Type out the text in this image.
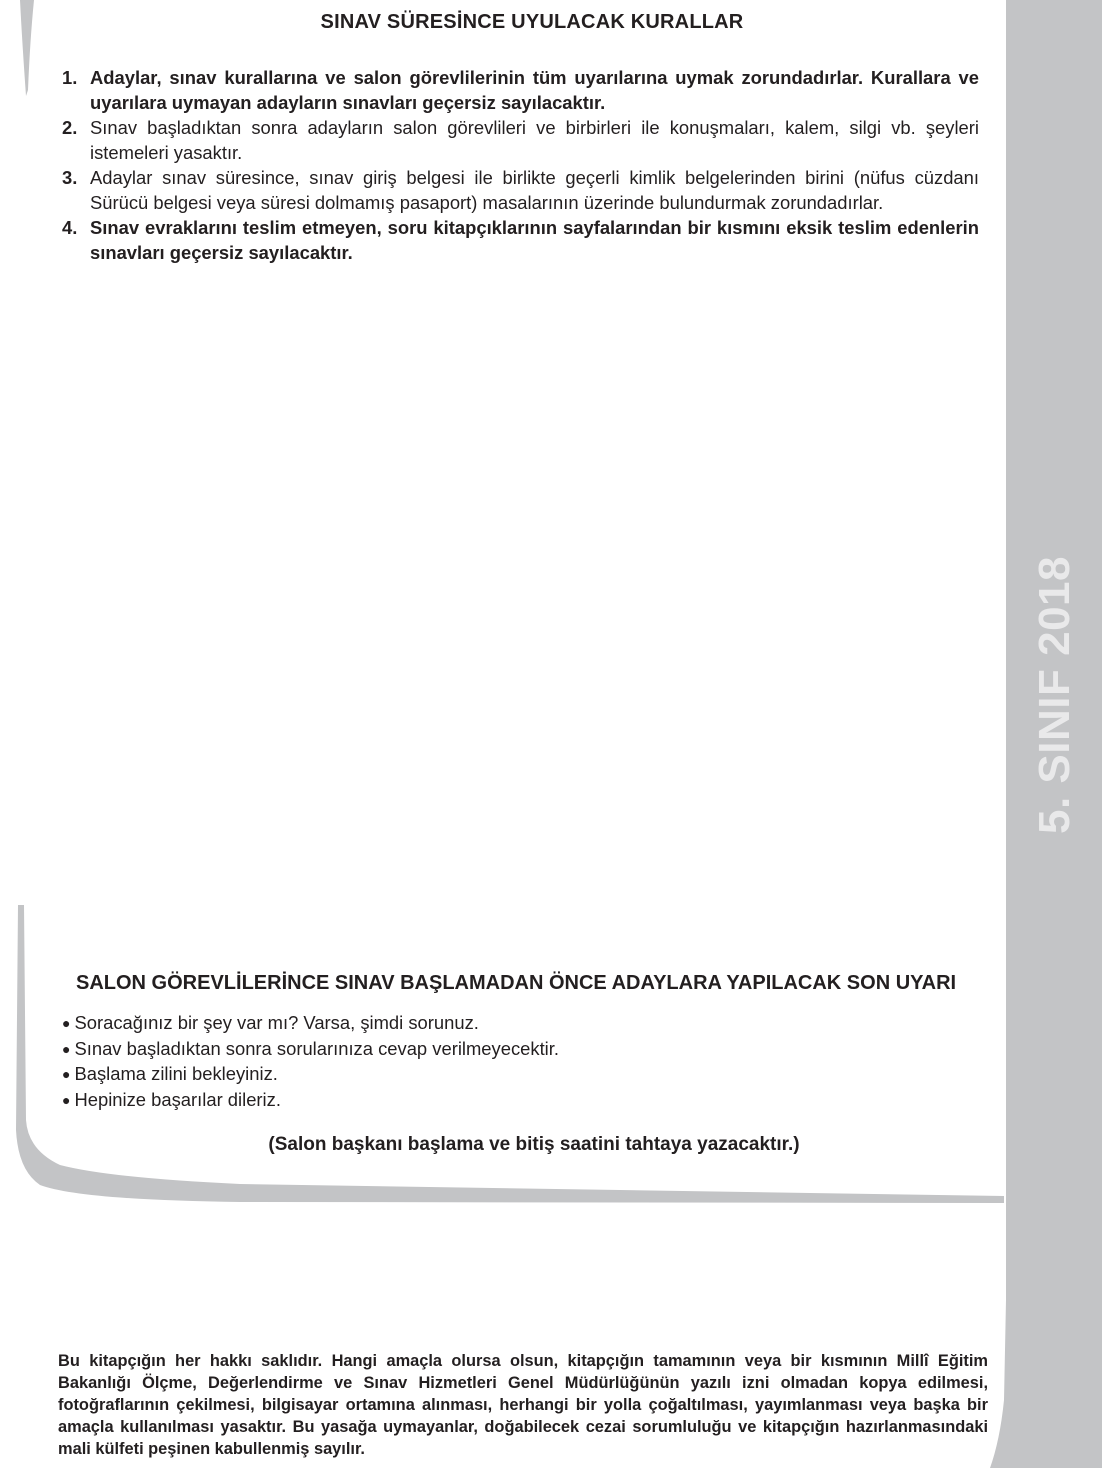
5. SINIF 2018
SINAV SÜRESİNCE UYULACAK KURALLAR
1. Adaylar, sınav kurallarına ve salon görevlilerinin tüm uyarılarına uymak zorundadırlar. Kurallara ve uyarılara uymayan adayların sınavları geçersiz sayılacaktır.
2. Sınav başladıktan sonra adayların salon görevlileri ve birbirleri ile konuşmaları, kalem, silgi vb. şeyleri istemeleri yasaktır.
3. Adaylar sınav süresince, sınav giriş belgesi ile birlikte geçerli kimlik belgelerinden birini (nüfus cüzdanı Sürücü belgesi veya süresi dolmamış pasaport) masalarının üzerinde bulundurmak zorundadırlar.
4. Sınav evraklarını teslim etmeyen, soru kitapçıklarının sayfalarından bir kısmını eksik teslim edenlerin sınavları geçersiz sayılacaktır.
SALON GÖREVLİLERİNCE SINAV BAŞLAMADAN ÖNCE ADAYLARA YAPILACAK SON UYARI
● Soracağınız bir şey var mı? Varsa, şimdi sorunuz.
● Sınav başladıktan sonra sorularınıza cevap verilmeyecektir.
● Başlama zilini bekleyiniz.
● Hepinize başarılar dileriz.
(Salon başkanı başlama ve bitiş saatini tahtaya yazacaktır.)
Bu kitapçığın her hakkı saklıdır. Hangi amaçla olursa olsun, kitapçığın tamamının veya bir kısmının Millî Eğitim Bakanlığı Ölçme, Değerlendirme ve Sınav Hizmetleri Genel Müdürlüğünün yazılı izni olmadan kopya edilmesi, fotoğraflarının çekilmesi, bilgisayar ortamına alınması, herhangi bir yolla çoğaltılması, yayımlanması veya başka bir amaçla kullanılması yasaktır. Bu yasağa uymayanlar, doğabilecek cezai sorumluluğu ve kitapçığın hazırlanmasındaki mali külfeti peşinen kabullenmiş sayılır.
